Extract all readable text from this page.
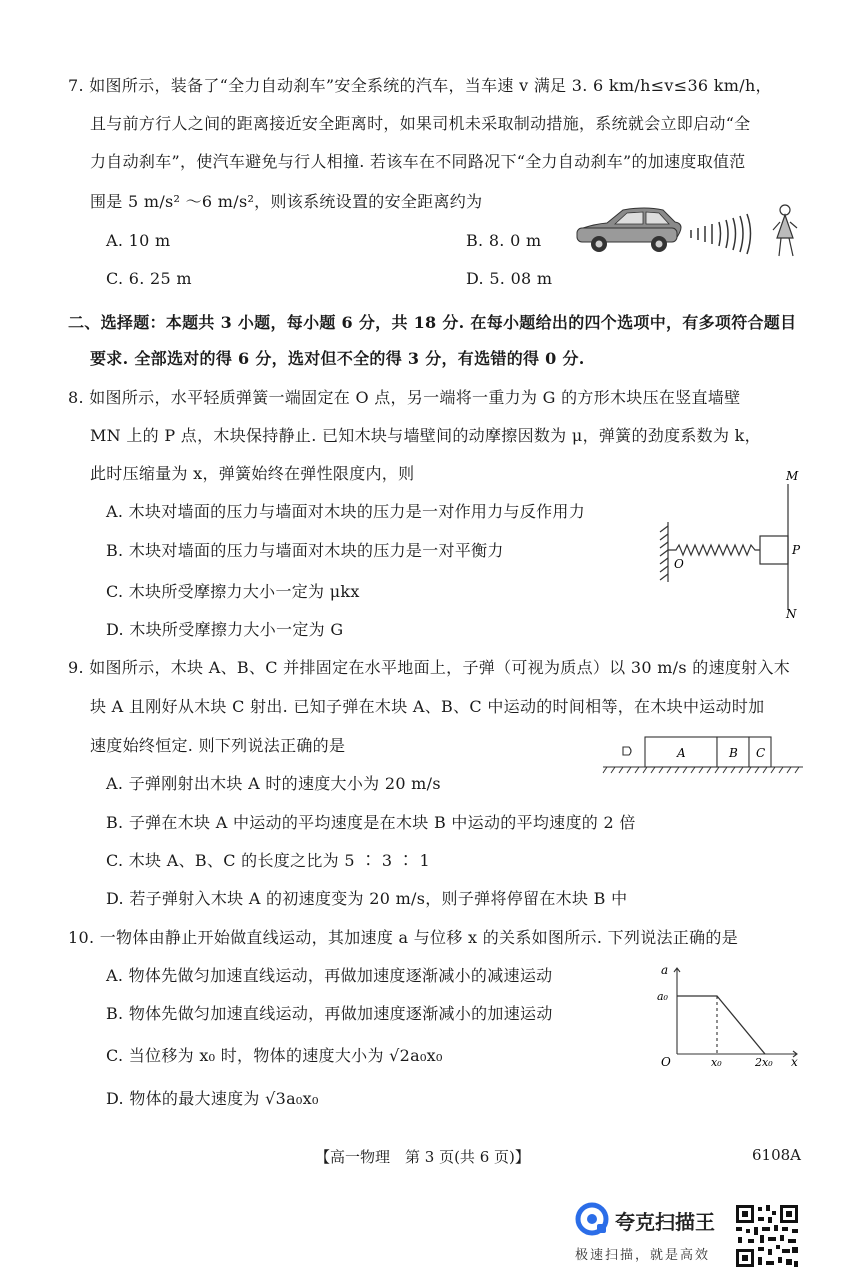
7. 如图所示，装备了“全力自动刹车”安全系统的汽车，当车速 v 满足 3. 6 km/h≤v≤36 km/h，
且与前方行人之间的距离接近安全距离时，如果司机未采取制动措施，系统就会立即启动“全
力自动刹车”，使汽车避免与行人相撞. 若该车在不同路况下“全力自动刹车”的加速度取值范
围是 5 m/s² ～6 m/s²，则该系统设置的安全距离约为
A. 10 m	B. 8. 0 m
C. 6. 25 m	D. 5. 08 m
二、选择题：本题共 3 小题，每小题 6 分，共 18 分. 在每小题给出的四个选项中，有多项符合题目
要求. 全部选对的得 6 分，选对但不全的得 3 分，有选错的得 0 分.
8. 如图所示，水平轻质弹簧一端固定在 O 点，另一端将一重力为 G 的方形木块压在竖直墙壁
MN 上的 P 点，木块保持静止. 已知木块与墙壁间的动摩擦因数为 μ，弹簧的劲度系数为 k，
此时压缩量为 x，弹簧始终在弹性限度内，则
A. 木块对墙面的压力与墙面对木块的压力是一对作用力与反作用力
B. 木块对墙面的压力与墙面对木块的压力是一对平衡力
C. 木块所受摩擦力大小一定为 μkx
D. 木块所受摩擦力大小一定为 G
M
N
O
P
9. 如图所示，木块 A、B、C 并排固定在水平地面上，子弹（可视为质点）以 30 m/s 的速度射入木
块 A 且刚好从木块 C 射出. 已知子弹在木块 A、B、C 中运动的时间相等，在木块中运动时加
速度始终恒定. 则下列说法正确的是
A. 子弹刚射出木块 A 时的速度大小为 20 m/s
B. 子弹在木块 A 中运动的平均速度是在木块 B 中运动的平均速度的 2 倍
C. 木块 A、B、C 的长度之比为 5 ∶ 3 ∶ 1
D. 若子弹射入木块 A 的初速度变为 20 m/s，则子弹将停留在木块 B 中
A	B C
10. 一物体由静止开始做直线运动，其加速度 a 与位移 x 的关系如图所示. 下列说法正确的是
A. 物体先做匀加速直线运动，再做加速度逐渐减小的减速运动
B. 物体先做匀加速直线运动，再做加速度逐渐减小的加速运动
C. 当位移为 x₀ 时，物体的速度大小为 √2a₀x₀
D. 物体的最大速度为 √3a₀x₀
a
a₀
O	x₀	2x₀ x
【高一物理　第 3 页(共 6 页)】	6108A
夸克扫描王
极速扫描，就是高效
